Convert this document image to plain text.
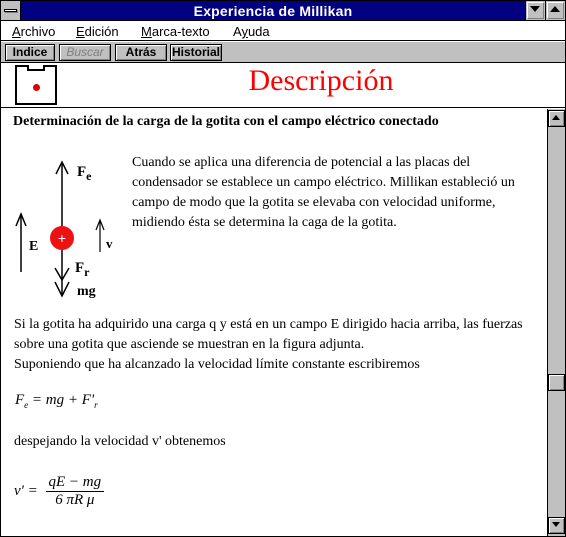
Experiencia de Millikan
Archivo Edición Marca-texto Ayuda
Indice	Buscar	Atrás	Historial
Descripción
Determinación de la carga de la gotita con el campo eléctrico conectado
+
$F_e$
E	v
$F_r$
mg
Cuando se aplica una diferencia de potencial a las placas del condensador se establece un campo eléctrico. Millikan estableció un campo de modo que la gotita se elevaba con velocidad uniforme, midiendo ésta se determina la caga de la gotita.
Si la gotita ha adquirido una carga q y está en un campo E dirigido hacia arriba, las fuerzas sobre una gotita que asciende se muestran en la figura adjunta.
Suponiendo que ha alcanzado la velocidad límite constante escribiremos
$F_e$ = mg + $F'_r$
despejando la velocidad v' obtenemos
$v' = \frac{qE - mg}{\text{6 πR μ}}$
